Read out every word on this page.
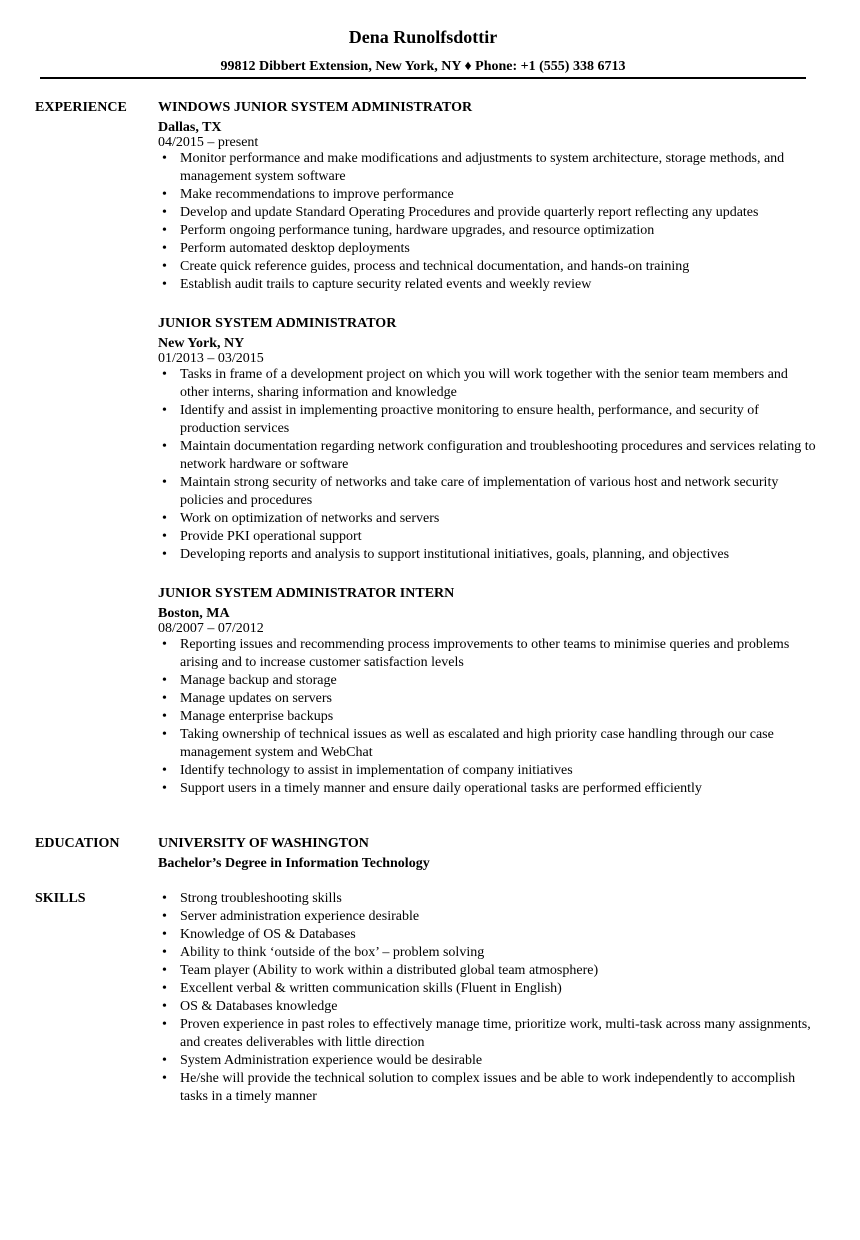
Dena Runolfsdottir
99812 Dibbert Extension, New York, NY ♦ Phone: +1 (555) 338 6713
EXPERIENCE WINDOWS JUNIOR SYSTEM ADMINISTRATOR
Dallas, TX
04/2015 – present
• Monitor performance and make modifications and adjustments to system architecture, storage methods, and management system software
• Make recommendations to improve performance
• Develop and update Standard Operating Procedures and provide quarterly report reflecting any updates
• Perform ongoing performance tuning, hardware upgrades, and resource optimization
• Perform automated desktop deployments
• Create quick reference guides, process and technical documentation, and hands-on training
• Establish audit trails to capture security related events and weekly review
JUNIOR SYSTEM ADMINISTRATOR
New York, NY
01/2013 – 03/2015
• Tasks in frame of a development project on which you will work together with the senior team members and other interns, sharing information and knowledge
• Identify and assist in implementing proactive monitoring to ensure health, performance, and security of production services
• Maintain documentation regarding network configuration and troubleshooting procedures and services relating to network hardware or software
• Maintain strong security of networks and take care of implementation of various host and network security policies and procedures
• Work on optimization of networks and servers
• Provide PKI operational support
• Developing reports and analysis to support institutional initiatives, goals, planning, and objectives
JUNIOR SYSTEM ADMINISTRATOR INTERN
Boston, MA
08/2007 – 07/2012
• Reporting issues and recommending process improvements to other teams to minimise queries and problems arising and to increase customer satisfaction levels
• Manage backup and storage
• Manage updates on servers
• Manage enterprise backups
• Taking ownership of technical issues as well as escalated and high priority case handling through our case management system and WebChat
• Identify technology to assist in implementation of company initiatives
• Support users in a timely manner and ensure daily operational tasks are performed efficiently
EDUCATION	UNIVERSITY OF WASHINGTON
Bachelor’s Degree in Information Technology
SKILLS
•	Strong troubleshooting skills
• Server administration experience desirable
• Knowledge of OS & Databases
• Ability to think ‘outside of the box’ – problem solving
• Team player (Ability to work within a distributed global team atmosphere)
• Excellent verbal & written communication skills (Fluent in English)
• OS & Databases knowledge
• Proven experience in past roles to effectively manage time, prioritize work, multi-task across many assignments, and creates deliverables with little direction
• System Administration experience would be desirable
• He/she will provide the technical solution to complex issues and be able to work independently to accomplish tasks in a timely manner
